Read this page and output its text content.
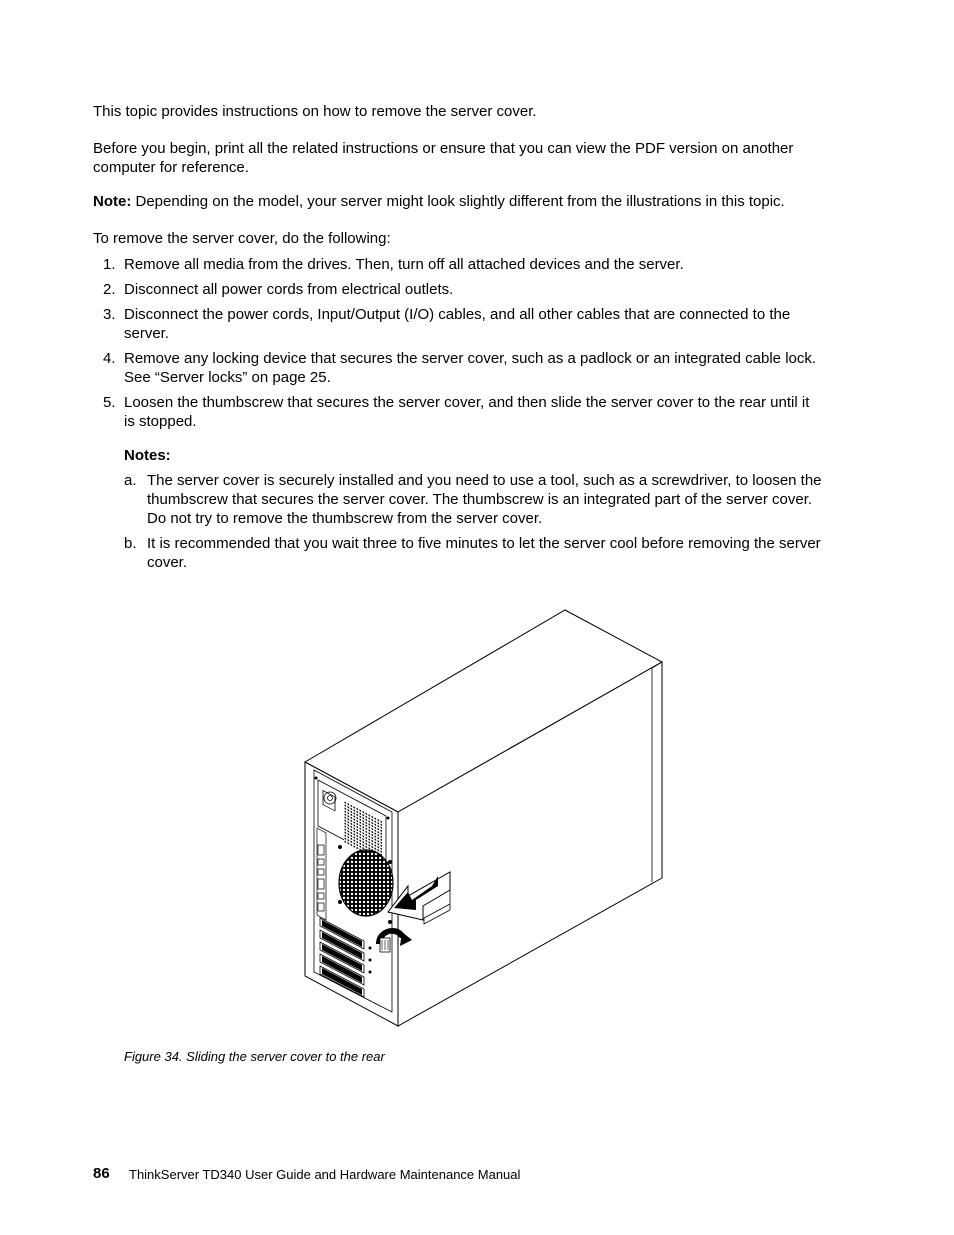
This topic provides instructions on how to remove the server cover.

Before you begin, print all the related instructions or ensure that you can view the PDF version on another computer for reference.

Note: Depending on the model, your server might look slightly different from the illustrations in this topic.

To remove the server cover, do the following:

1. Remove all media from the drives. Then, turn off all attached devices and the server.
2. Disconnect all power cords from electrical outlets.
3. Disconnect the power cords, Input/Output (I/O) cables, and all other cables that are connected to the server.
4. Remove any locking device that secures the server cover, such as a padlock or an integrated cable lock. See “Server locks” on page 25.
5. Loosen the thumbscrew that secures the server cover, and then slide the server cover to the rear until it is stopped.
Notes:
a. The server cover is securely installed and you need to use a tool, such as a screwdriver, to loosen the thumbscrew that secures the server cover. The thumbscrew is an integrated part of the server cover. Do not try to remove the thumbscrew from the server cover.
b. It is recommended that you wait three to five minutes to let the server cool before removing the server cover.
Figure 34. Sliding the server cover to the rear
86 ThinkServer TD340 User Guide and Hardware Maintenance Manual
